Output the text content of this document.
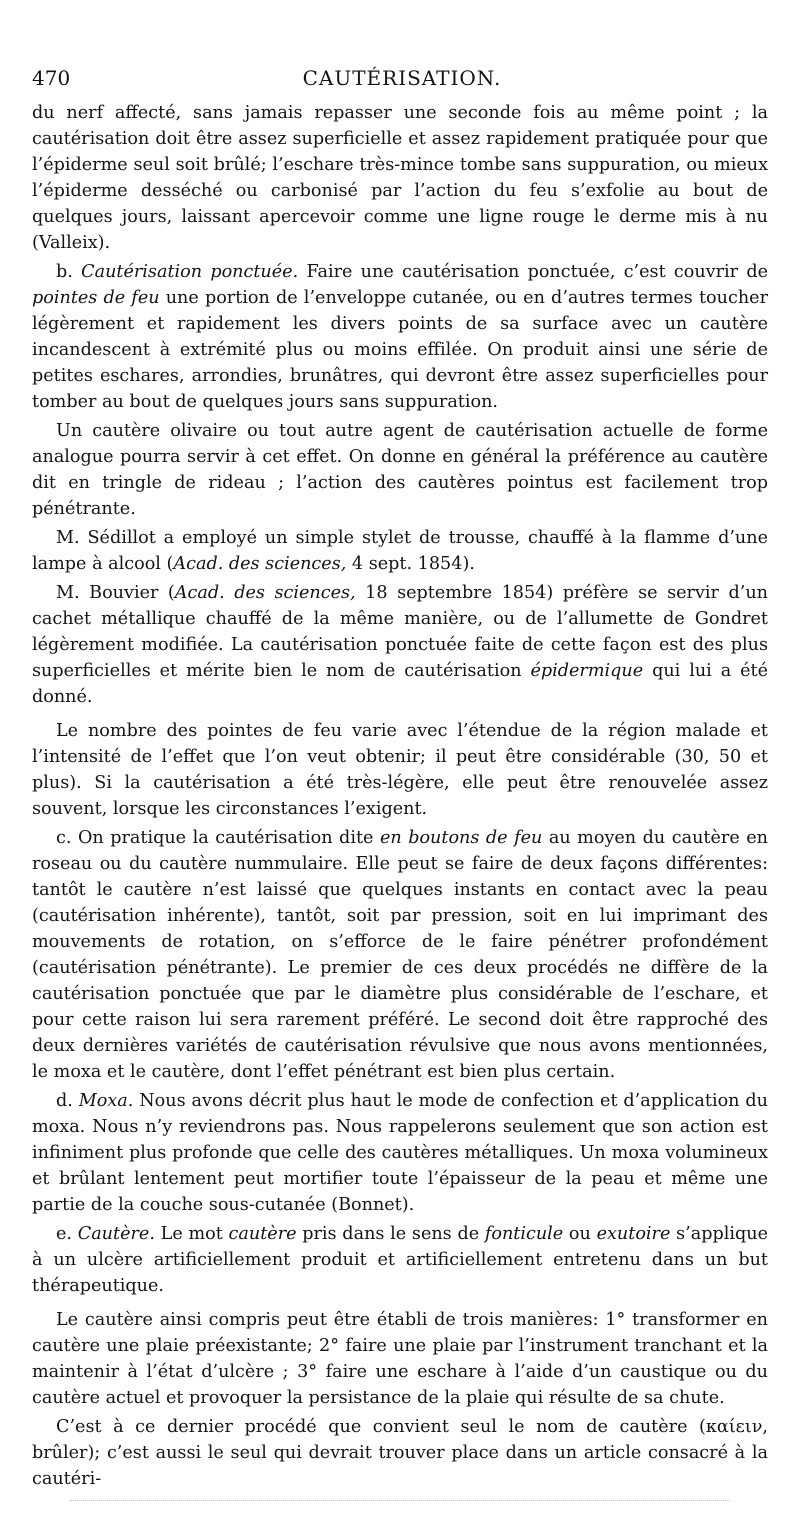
470	CAUTÉRISATION.

du nerf affecté, sans jamais repasser une seconde fois au même point ; la cautérisation doit être assez superficielle et assez rapidement pratiquée pour que l’épiderme seul soit brûlé; l’eschare très-mince tombe sans suppuration, ou mieux l’épiderme desséché ou carbonisé par l’action du feu s’exfolie au bout de quelques jours, laissant apercevoir comme une ligne rouge le derme mis à nu (Valleix).

b. Cautérisation ponctuée. Faire une cautérisation ponctuée, c’est couvrir de pointes de feu une portion de l’enveloppe cutanée, ou en d’autres termes toucher légèrement et rapidement les divers points de sa surface avec un cautère incandescent à extrémité plus ou moins effilée. On produit ainsi une série de petites eschares, arrondies, brunâtres, qui devront être assez superficielles pour tomber au bout de quelques jours sans suppuration.

Un cautère olivaire ou tout autre agent de cautérisation actuelle de forme analogue pourra servir à cet effet. On donne en général la préférence au cautère dit en tringle de rideau ; l’action des cautères pointus est facilement trop pénétrante.

M. Sédillot a employé un simple stylet de trousse, chauffé à la flamme d’une lampe à alcool (Acad. des sciences, 4 sept. 1854).

M. Bouvier (Acad. des sciences, 18 septembre 1854) préfère se servir d’un cachet métallique chauffé de la même manière, ou de l’allumette de Gondret légèrement modifiée. La cautérisation ponctuée faite de cette façon est des plus superficielles et mérite bien le nom de cautérisation épidermique qui lui a été donné.

Le nombre des pointes de feu varie avec l’étendue de la région malade et l’intensité de l’effet que l’on veut obtenir; il peut être considérable (30, 50 et plus). Si la cautérisation a été très-légère, elle peut être renouvelée assez souvent, lorsque les circonstances l’exigent.

c. On pratique la cautérisation dite en boutons de feu au moyen du cautère en roseau ou du cautère nummulaire. Elle peut se faire de deux façons différentes: tantôt le cautère n’est laissé que quelques instants en contact avec la peau (cautérisation inhérente), tantôt, soit par pression, soit en lui imprimant des mouvements de rotation, on s’efforce de le faire pénétrer profondément (cautérisation pénétrante). Le premier de ces deux procédés ne diffère de la cautérisation ponctuée que par le diamètre plus considérable de l’eschare, et pour cette raison lui sera rarement préféré. Le second doit être rapproché des deux dernières variétés de cautérisation révulsive que nous avons mentionnées, le moxa et le cautère, dont l’effet pénétrant est bien plus certain.

d. Moxa. Nous avons décrit plus haut le mode de confection et d’application du moxa. Nous n’y reviendrons pas. Nous rappelerons seulement que son action est infiniment plus profonde que celle des cautères métalliques. Un moxa volumineux et brûlant lentement peut mortifier toute l’épaisseur de la peau et même une partie de la couche sous-cutanée (Bonnet).

e. Cautère. Le mot cautère pris dans le sens de fonticule ou exutoire s’applique à un ulcère artificiellement produit et artificiellement entretenu dans un but thérapeutique.

Le cautère ainsi compris peut être établi de trois manières: 1° transformer en cautère une plaie préexistante; 2° faire une plaie par l’instrument tranchant et la maintenir à l’état d’ulcère ; 3° faire une eschare à l’aide d’un caustique ou du cautère actuel et provoquer la persistance de la plaie qui résulte de sa chute.

C’est à ce dernier procédé que convient seul le nom de cautère (καίειν, brûler); c’est aussi le seul qui devrait trouver place dans un article consacré à la cautéri-
